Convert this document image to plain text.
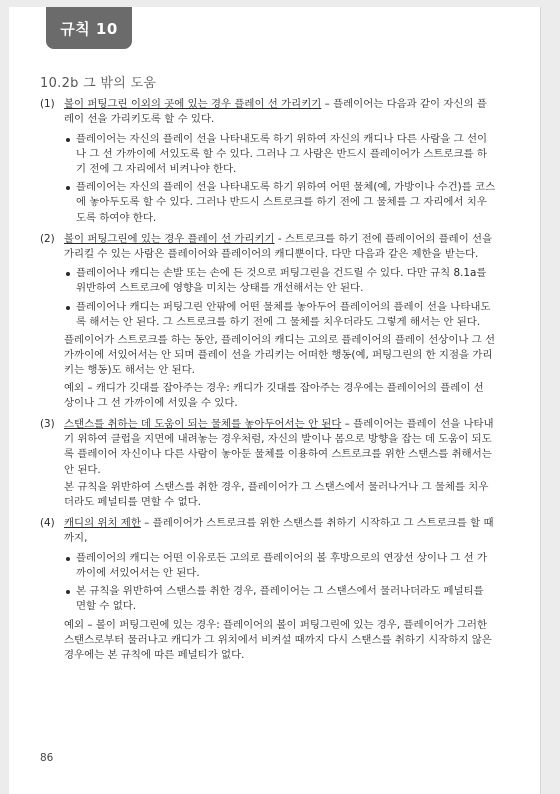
규칙 10
10.2b 그 밖의 도움
(1) 볼이 퍼팅그린 이외의 곳에 있는 경우 플레이 선 가리키기 – 플레이어는 다음과 같이 자신의 플레이 선을 가리키도록 할 수 있다.
플레이어는 자신의 플레이 선을 나타내도록 하기 위하여 자신의 캐디나 다른 사람을 그 선이나 그 선 가까이에 서있도록 할 수 있다. 그러나 그 사람은 반드시 플레이어가 스트로크를 하기 전에 그 자리에서 비켜나야 한다.
플레이어는 자신의 플레이 선을 나타내도록 하기 위하여 어떤 물체(예, 가방이나 수건)를 코스에 놓아두도록 할 수 있다. 그러나 반드시 스트로크를 하기 전에 그 물체를 그 자리에서 치우도록 하여야 한다.
(2) 볼이 퍼팅그린에 있는 경우 플레이 선 가리키기 - 스트로크를 하기 전에 플레이어의 플레이 선을 가리킬 수 있는 사람은 플레이어와 플레이어의 캐디뿐이다. 다만 다음과 같은 제한을 받는다.
플레이어나 캐디는 손발 또는 손에 든 것으로 퍼팅그린을 건드릴 수 있다. 다만 규칙 8.1a를 위반하여 스트로크에 영향을 미치는 상태를 개선해서는 안 된다.
플레이어나 캐디는 퍼팅그린 안팎에 어떤 물체를 놓아두어 플레이어의 플레이 선을 나타내도록 해서는 안 된다. 그 스트로크를 하기 전에 그 물체를 치우더라도 그렇게 해서는 안 된다.
플레이어가 스트로크를 하는 동안, 플레이어의 캐디는 고의로 플레이어의 플레이 선상이나 그 선 가까이에 서있어서는 안 되며 플레이 선을 가리키는 어떠한 행동(예, 퍼팅그린의 한 지점을 가리키는 행동)도 해서는 안 된다.
예외 – 캐디가 깃대를 잡아주는 경우: 캐디가 깃대를 잡아주는 경우에는 플레이어의 플레이 선 상이나 그 선 가까이에 서있을 수 있다.
(3) 스탠스를 취하는 데 도움이 되는 물체를 놓아두어서는 안 된다 – 플레이어는 플레이 선을 나타내기 위하여 클럽을 지면에 내려놓는 경우처럼, 자신의 발이나 몸으로 방향을 잡는 데 도움이 되도록 플레이어 자신이나 다른 사람이 놓아둔 물체를 이용하여 스트로크를 위한 스탠스를 취해서는 안 된다.
본 규칙을 위반하여 스탠스를 취한 경우, 플레이어가 그 스탠스에서 물러나거나 그 물체를 치우더라도 페널티를 면할 수 없다.
(4) 캐디의 위치 제한 – 플레이어가 스트로크를 위한 스탠스를 취하기 시작하고 그 스트로크를 할 때까지,
플레이어의 캐디는 어떤 이유로든 고의로 플레이어의 볼 후방으로의 연장선 상이나 그 선 가까이에 서있어서는 안 된다.
본 규칙을 위반하여 스탠스를 취한 경우, 플레이어는 그 스탠스에서 물러나더라도 페널티를 면할 수 없다.
예외 – 볼이 퍼팅그린에 있는 경우: 플레이어의 볼이 퍼팅그린에 있는 경우, 플레이어가 그러한 스탠스로부터 물러나고 캐디가 그 위치에서 비켜설 때까지 다시 스탠스를 취하기 시작하지 않은 경우에는 본 규칙에 따른 페널티가 없다.
86
